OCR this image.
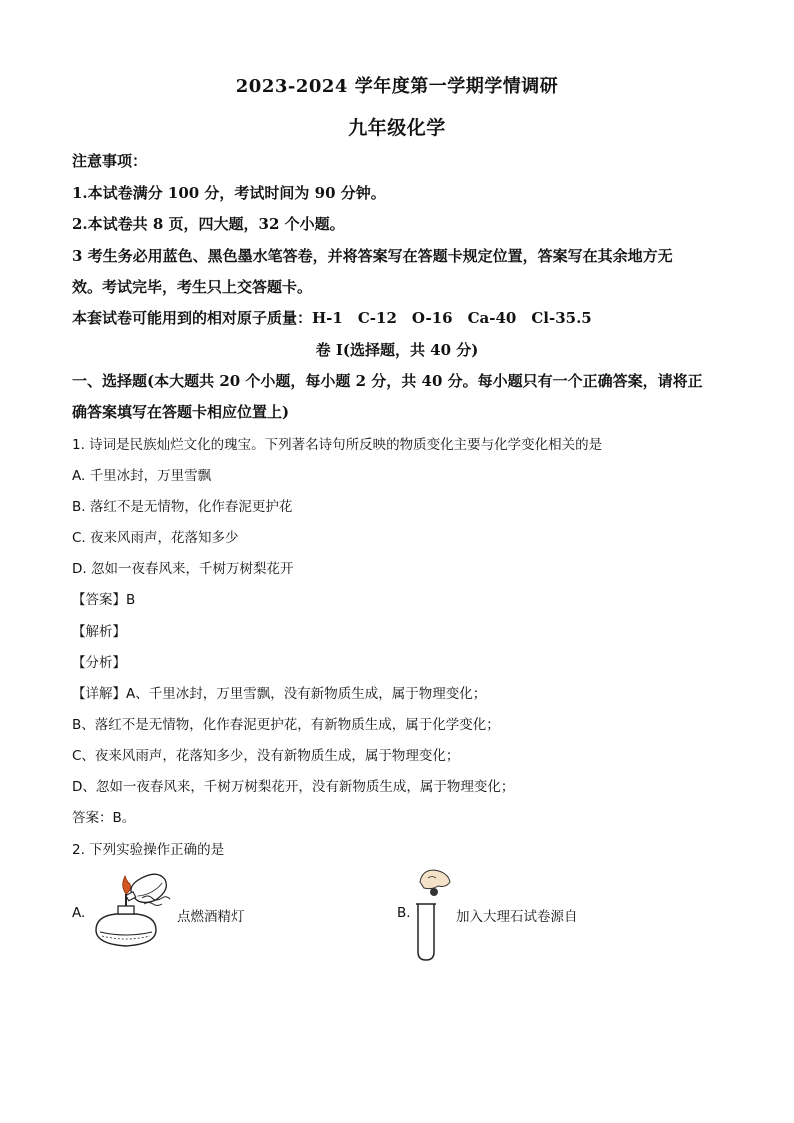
2023-2024 学年度第一学期学情调研
九年级化学
注意事项：
1.本试卷满分 100 分，考试时间为 90 分钟。
2.本试卷共 8 页，四大题，32 个小题。
3 考生务必用蓝色、黑色墨水笔答卷，并将答案写在答题卡规定位置，答案写在其余地方无
效。考试完毕，考生只上交答题卡。
本套试卷可能用到的相对原子质量：H-1　C-12　O-16　Ca-40　Cl-35.5
卷 I(选择题，共 40 分)
一、选择题(本大题共 20 个小题，每小题 2 分，共 40 分。每小题只有一个正确答案，请将正
确答案填写在答题卡相应位置上)
1. 诗词是民族灿烂文化的瑰宝。下列著名诗句所反映的物质变化主要与化学变化相关的是
A. 千里冰封，万里雪飘
B. 落红不是无情物，化作春泥更护花
C. 夜来风雨声，花落知多少
D. 忽如一夜春风来，千树万树梨花开
【答案】B
【解析】
【分析】
【详解】A、千里冰封，万里雪飘，没有新物质生成，属于物理变化；
B、落红不是无情物，化作春泥更护花，有新物质生成，属于化学变化；
C、夜来风雨声，花落知多少，没有新物质生成，属于物理变化；
D、忽如一夜春风来，千树万树梨花开，没有新物质生成，属于物理变化；
答案：B。
2. 下列实验操作正确的是
A.	点燃酒精灯	B.	加入大理石试卷源自
